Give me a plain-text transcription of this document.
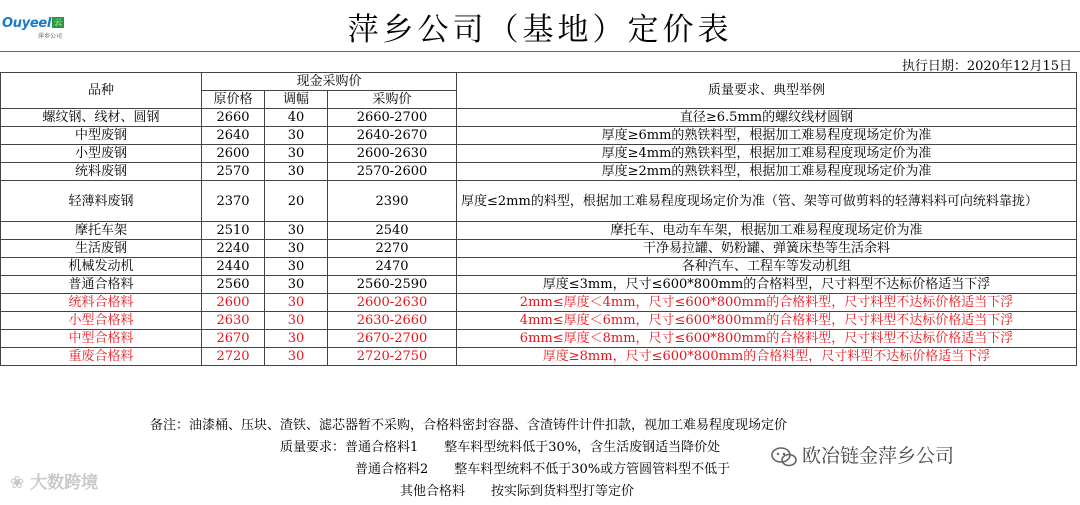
Ouyeel 云
萍乡公司	萍乡公司（基地）定价表
执行日期：2020年12月15日
品种	现金采购价			质量要求、典型举例
	原价格	调幅	采购价	
螺纹钢、线材、圆钢	2660	40	2660-2700	直径≥6.5mm的螺纹线材圆钢
中型废钢	2640	30	2640-2670	厚度≥6mm的熟铁料型，根据加工难易程度现场定价为准
小型废钢	2600	30	2600-2630	厚度≥4mm的熟铁料型，根据加工难易程度现场定价为准
统料废钢	2570	30	2570-2600	厚度≥2mm的熟铁料型，根据加工难易程度现场定价为准
轻薄料废钢	2370	20	2390	厚度≤2mm的料型，根据加工难易程度现场定价为准（管、架等可做剪料的轻薄料料可向统料靠拢）
摩托车架	2510	30	2540	摩托车、电动车车架，根据加工难易程度现场定价为准
生活废钢	2240	30	2270	干净易拉罐、奶粉罐、弹簧床垫等生活余料
机械发动机	2440	30	2470	各种汽车、工程车等发动机组
普通合格料	2560	30	2560-2590	厚度≤3mm，尺寸≤600*800mm的合格料型，尺寸料型不达标价格适当下浮
统料合格料	2600	30	2600-2630	2mm≤厚度＜4mm，尺寸≤600*800mm的合格料型，尺寸料型不达标价格适当下浮
小型合格料	2630	30	2630-2660	4mm≤厚度＜6mm，尺寸≤600*800mm的合格料型，尺寸料型不达标价格适当下浮
中型合格料	2670	30	2670-2700	6mm≤厚度＜8mm，尺寸≤600*800mm的合格料型，尺寸料型不达标价格适当下浮
重废合格料	2720	30	2720-2750	厚度≥8mm，尺寸≤600*800mm的合格料型，尺寸料型不达标价格适当下浮
备注：油漆桶、压块、渣铁、滤芯器暂不采购，合格料密封容器、含渣铸件计件扣款，视加工难易程度现场定价
质量要求：普通合格料1　　整车料型统料低于30%，含生活废钢适当降价处
普通合格料2　　整车料型统料不低于30%或方管圆管料型不低于
其他合格料　　按实际到货料型打等定价
❀ 大数跨境
欧冶链金萍乡公司
